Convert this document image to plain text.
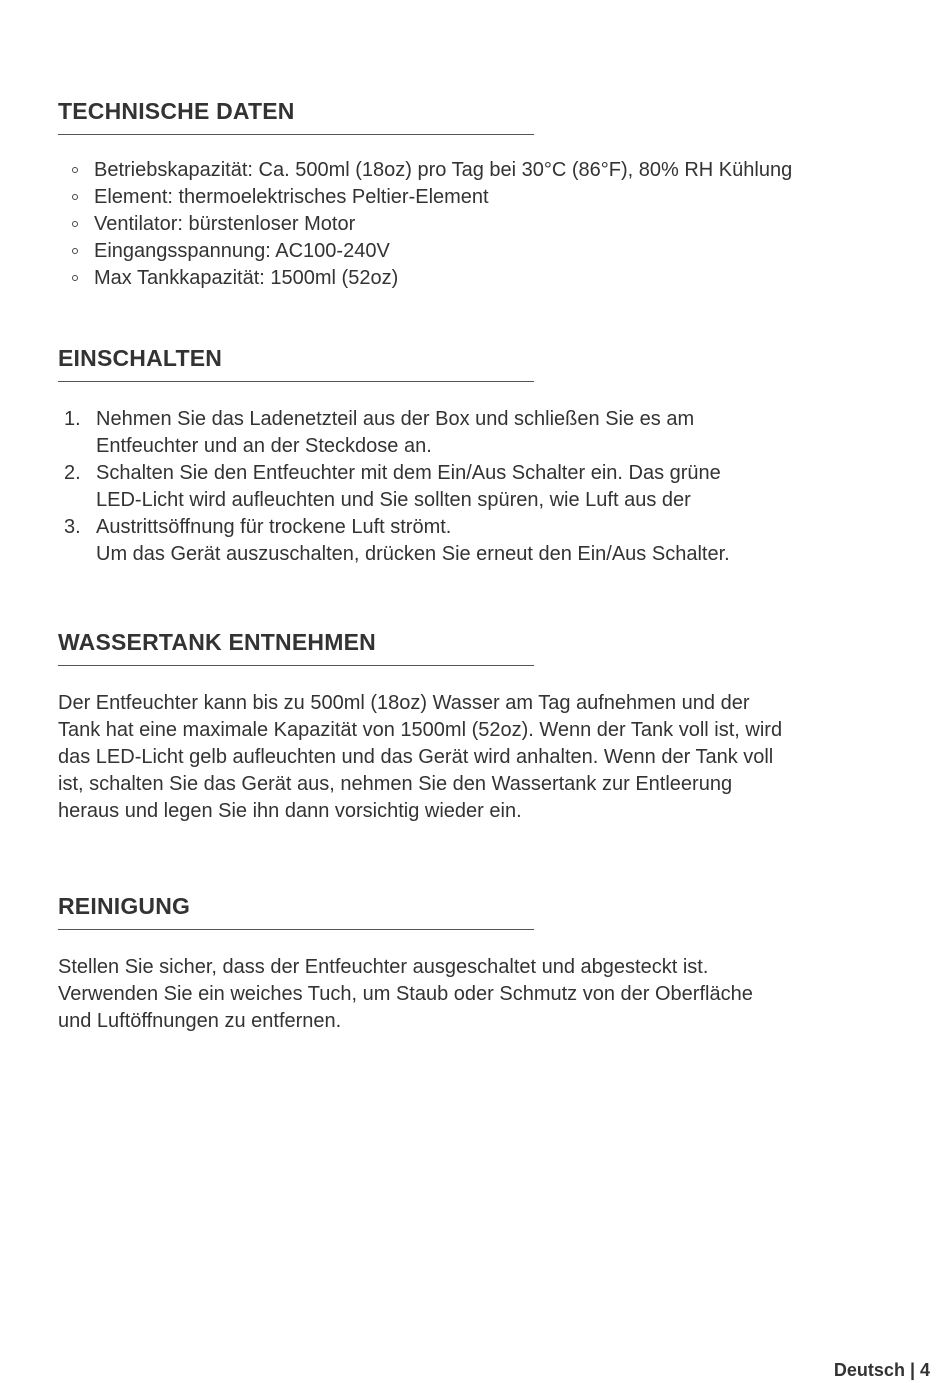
TECHNISCHE DATEN
Betriebskapazität: Ca. 500ml (18oz) pro Tag bei 30°C (86°F), 80% RH Kühlung
Element: thermoelektrisches Peltier-Element
Ventilator: bürstenloser Motor
Eingangsspannung: AC100-240V
Max Tankkapazität: 1500ml (52oz)
EINSCHALTEN
1. Nehmen Sie das Ladenetzteil aus der Box und schließen Sie es am
Entfeuchter und an der Steckdose an.
2. Schalten Sie den Entfeuchter mit dem Ein/Aus Schalter ein. Das grüne
LED-Licht wird aufleuchten und Sie sollten spüren, wie Luft aus der
3. Austrittsöffnung für trockene Luft strömt.
Um das Gerät auszuschalten, drücken Sie erneut den Ein/Aus Schalter.
WASSERTANK ENTNEHMEN

Der Entfeuchter kann bis zu 500ml (18oz) Wasser am Tag aufnehmen und der
Tank hat eine maximale Kapazität von 1500ml (52oz). Wenn der Tank voll ist, wird
das LED-Licht gelb aufleuchten und das Gerät wird anhalten. Wenn der Tank voll
ist, schalten Sie das Gerät aus, nehmen Sie den Wassertank zur Entleerung
heraus und legen Sie ihn dann vorsichtig wieder ein.

REINIGUNG

Stellen Sie sicher, dass der Entfeuchter ausgeschaltet und abgesteckt ist.
Verwenden Sie ein weiches Tuch, um Staub oder Schmutz von der Oberfläche
und Luftöffnungen zu entfernen.

Deutsch | 4
